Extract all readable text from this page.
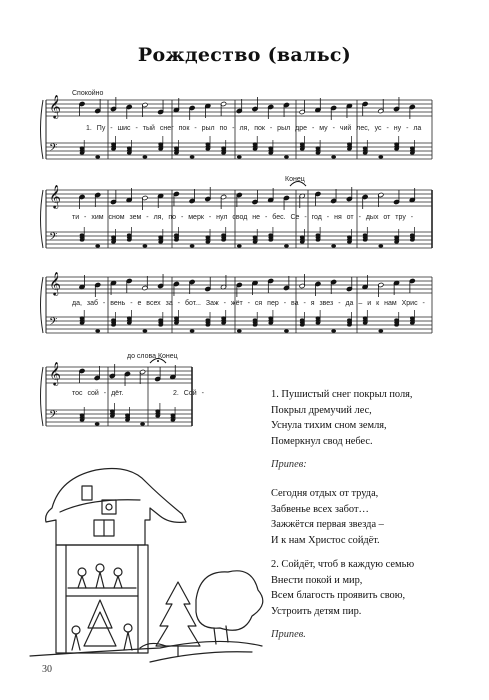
Рождество (вальс)
Спокойно
Конец
до слова Конец
𝄞
𝄢
𝄞
𝄢
𝄞
𝄢
𝄞
𝄢
1. Пу - шис - тый снег пок - рыл по - ля, пок - рыл дре - му - чий лес, ус - ну - ла
ти - хим сном зем - ля, по - мерк - нул свод не - бес. Се - год - ня от - дых от тру -
да, заб - вень - е всех за - бот... Заж - жёт - ся пер - ва - я звез - да – и к нам Хрис -
тос сой - дёт.	2. Сой -	1. Пушистый снег покрыл поля,
Покрыл дремучий лес,
Уснула тихим сном земля,
Померкнул свод небес.
Припев:
Сегодня отдых от труда,
Забвенье всех забот…
Зажжётся первая звезда –
И к нам Христос сойдёт.
2. Сойдёт, чтоб в каждую семью
Внести покой и мир,
Всем благость проявить свою,
Устроить детям пир.
Припев.
30
